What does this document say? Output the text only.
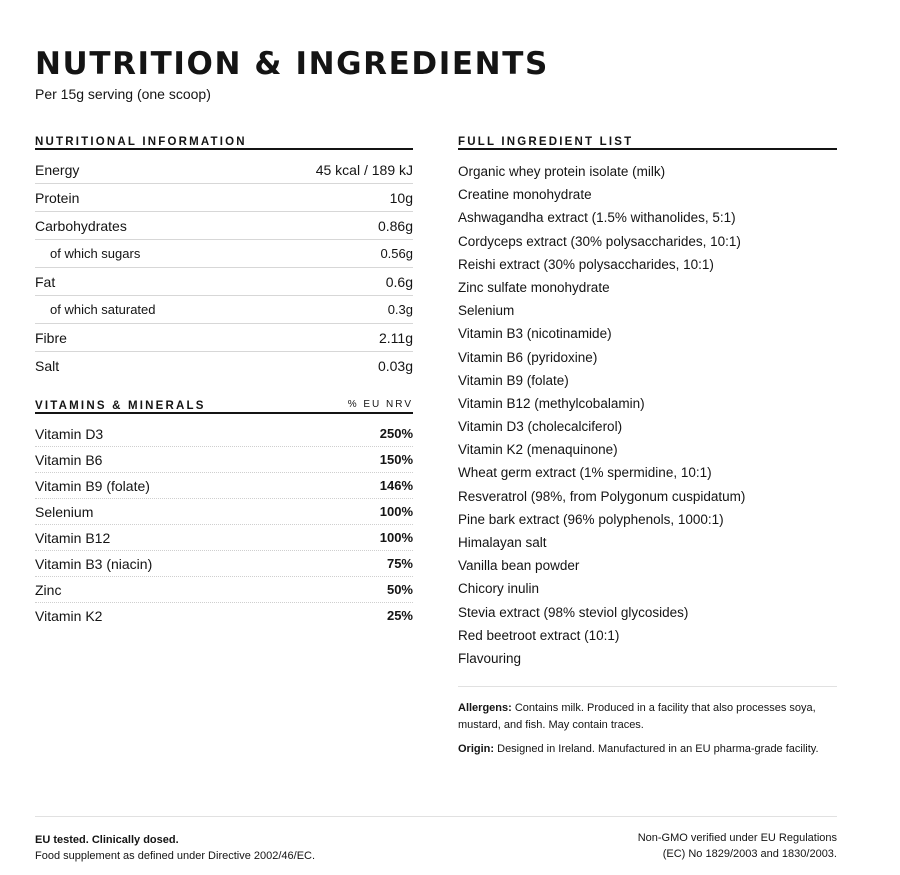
NUTRITION & INGREDIENTS
Per 15g serving (one scoop)
NUTRITIONAL INFORMATION
Energy	45 kcal / 189 kJ
Protein	10g
Carbohydrates	0.86g
of which sugars	0.56g
Fat	0.6g
of which saturated	0.3g
Fibre	2.11g
Salt	0.03g
VITAMINS & MINERALS	% EU NRV
Vitamin D3	250%
Vitamin B6	150%
Vitamin B9 (folate)	146%
Selenium	100%
Vitamin B12	100%
Vitamin B3 (niacin)	75%
Zinc	50%
Vitamin K2	25%
FULL INGREDIENT LIST
Organic whey protein isolate (milk)
Creatine monohydrate
Ashwagandha extract (1.5% withanolides, 5:1)
Cordyceps extract (30% polysaccharides, 10:1)
Reishi extract (30% polysaccharides, 10:1)
Zinc sulfate monohydrate
Selenium
Vitamin B3 (nicotinamide)
Vitamin B6 (pyridoxine)
Vitamin B9 (folate)
Vitamin B12 (methylcobalamin)
Vitamin D3 (cholecalciferol)
Vitamin K2 (menaquinone)
Wheat germ extract (1% spermidine, 10:1)
Resveratrol (98%, from Polygonum cuspidatum)
Pine bark extract (96% polyphenols, 1000:1)
Himalayan salt
Vanilla bean powder
Chicory inulin
Stevia extract (98% steviol glycosides)
Red beetroot extract (10:1)
Flavouring
Allergens: Contains milk. Produced in a facility that also processes soya, mustard, and fish. May contain traces.
Origin: Designed in Ireland. Manufactured in an EU pharma-grade facility.
EU tested. Clinically dosed.
Food supplement as defined under Directive 2002/46/EC.
Non-GMO verified under EU Regulations
(EC) No 1829/2003 and 1830/2003.
